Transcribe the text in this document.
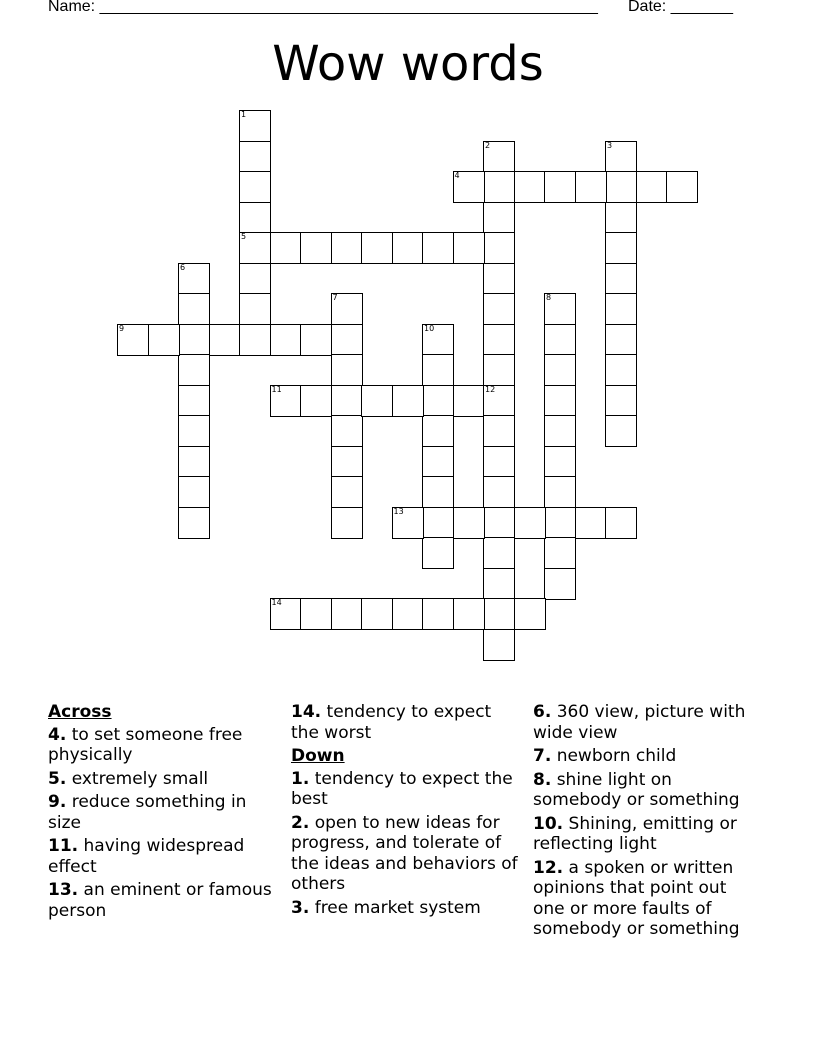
Name: ________________________________________________________ Date: _______
Wow words
1
5
2	3
4
6
7	8
9	10
11	12
13
14
Across
4. to set someone free physically
5. extremely small
9. reduce something in size
11. having widespread effect
13. an eminent or famous person
14. tendency to expect the worst
Down
1. tendency to expect the best
2. open to new ideas for progress, and tolerate of the ideas and behaviors of others
3. free market system
6. 360 view, picture with wide view
7. newborn child
8. shine light on somebody or something
10. Shining, emitting or reflecting light
12. a spoken or written opinions that point out one or more faults of somebody or something
